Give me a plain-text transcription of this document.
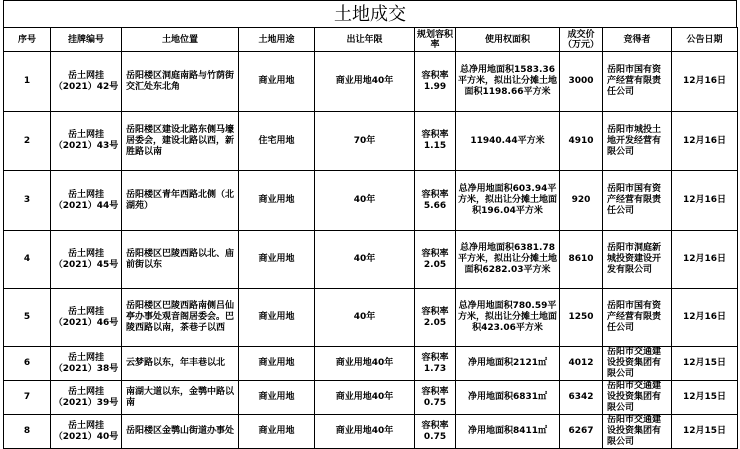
土地成交
序号	挂牌编号	土地位置	土地用途	出让年限	规划容积率	使用权面积	成交价（万元）	竞得者	公告日期
1	岳土网挂（2021）42号	岳阳楼区洞庭南路与竹荫街交汇处东北角	商业用地	商业用地40年	容积率1.99	总净用地面积1583.36平方米，拟出让分摊土地面积1198.66平方米	3000	岳阳市国有资产经营有限责任公司	12月16日
2	岳土网挂（2021）43号	岳阳楼区建设北路东侧马壕居委会，建设北路以西，新胜路以南	住宅用地	70年	容积率1.15	11940.44平方米	4910	岳阳市城投土地开发经营有限公司	12月16日
3	岳土网挂（2021）44号	岳阳楼区青年西路北侧（北湖苑）	商业用地	40年	容积率5.66	总净用地面积603.94平方米，拟出让分摊土地面积196.04平方米	920	岳阳市国有资产经营有限责任公司	12月16日
4	岳土网挂（2021）45号	岳阳楼区巴陵西路以北、庙前街以东	商业用地	40年	容积率2.05	总净用地面积6381.78平方米，拟出让分摊土地面积6282.03平方米	8610	岳阳市洞庭新城投资建设开发有限公司	12月16日
5	岳土网挂（2021）46号	岳阳楼区巴陵西路南侧吕仙亭办事处观音阁居委会。巴陵西路以南，茶巷子以西	商业用地	40年	容积率2.05	总净用地面积780.59平方米，拟出让分摊土地面积423.06平方米	1250	岳阳市国有资产经营有限责任公司	12月16日
6	岳土网挂（2021）38号	云梦路以东，年丰巷以北	商业用地	商业用地40年	容积率1.73	净用地面积2121㎡	4012	岳阳市交通建设投资集团有限公司	12月15日
7	岳土网挂（2021）39号	南湖大道以东，金鹗中路以南	商业用地	商业用地40年	容积率0.75	净用地面积6831㎡	6342	岳阳市交通建设投资集团有限公司	12月15日
8	岳土网挂（2021）40号	岳阳楼区金鹗山街道办事处	商业用地	商业用地40年	容积率0.75	净用地面积8411㎡	6267	岳阳市交通建设投资集团有限公司	12月15日
